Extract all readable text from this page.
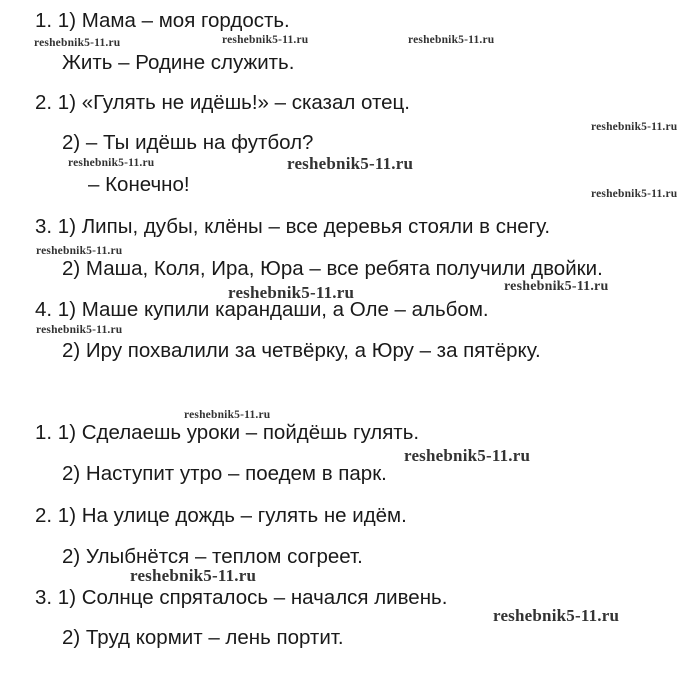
1. 1) Мама – моя гордость.
Жить – Родине служить.
2. 1) «Гулять не идёшь!» – сказал отец.
2) – Ты идёшь на футбол?
– Конечно!
3. 1) Липы, дубы, клёны – все деревья стояли в снегу.
2) Маша, Коля, Ира, Юра – все ребята получили двойки.
4. 1) Маше купили карандаши, а Оле – альбом.
2) Иру похвалили за четвёрку, а Юру – за пятёрку.
1. 1) Сделаешь уроки – пойдёшь гулять.
2) Наступит утро – поедем в парк.
2. 1) На улице дождь – гулять не идём.
2) Улыбнётся – теплом согреет.
3. 1) Солнце спряталось – начался ливень.
2) Труд кормит – лень портит.
reshebnik5-11.ru	reshebnik5-11.ru	reshebnik5-11.ru
reshebnik5-11.ru
reshebnik5-11.ru	reshebnik5-11.ru
reshebnik5-11.ru
reshebnik5-11.ru
reshebnik5-11.ru	reshebnik5-11.ru
reshebnik5-11.ru
reshebnik5-11.ru
reshebnik5-11.ru
reshebnik5-11.ru
reshebnik5-11.ru
